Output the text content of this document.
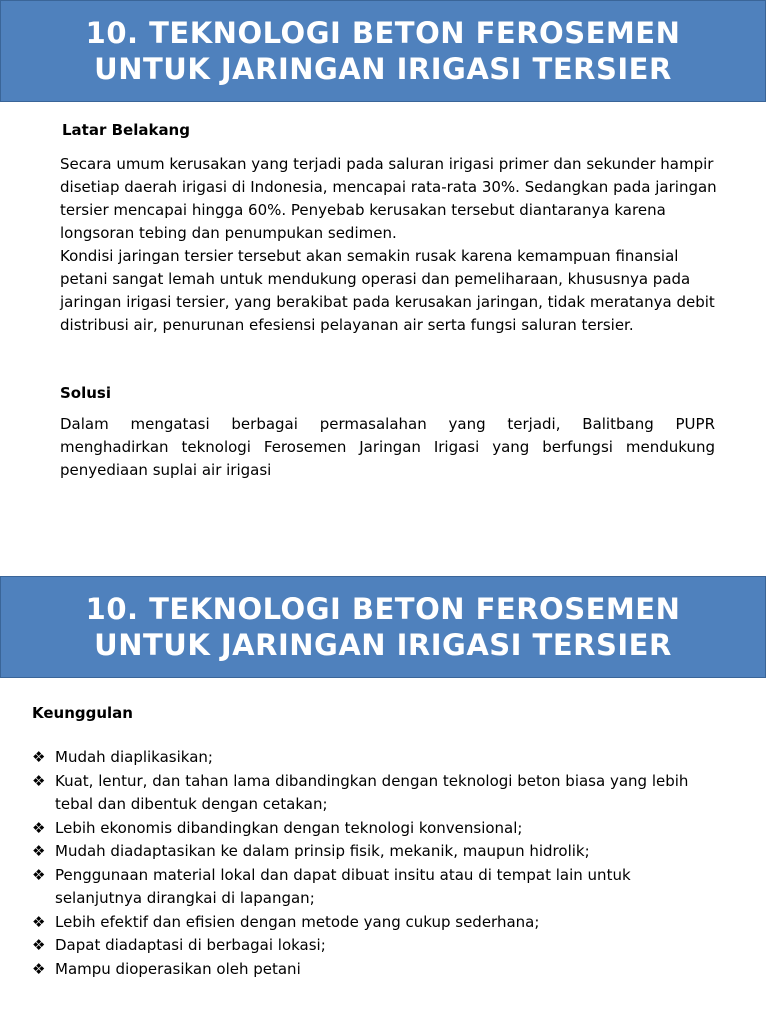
10. TEKNOLOGI BETON FEROSEMEN
UNTUK JARINGAN IRIGASI TERSIER
Latar Belakang
Secara umum kerusakan yang terjadi pada saluran irigasi primer dan sekunder hampir
disetiap daerah irigasi di Indonesia, mencapai rata-rata 30%. Sedangkan pada jaringan
tersier mencapai hingga 60%. Penyebab kerusakan tersebut diantaranya karena
longsoran tebing dan penumpukan sedimen.
Kondisi jaringan tersier tersebut akan semakin rusak karena kemampuan finansial
petani sangat lemah untuk mendukung operasi dan pemeliharaan, khususnya pada
jaringan irigasi tersier, yang berakibat pada kerusakan jaringan, tidak meratanya debit
distribusi air, penurunan efesiensi pelayanan air serta fungsi saluran tersier.
Solusi
Dalam mengatasi berbagai permasalahan yang terjadi, Balitbang PUPR
menghadirkan teknologi Ferosemen Jaringan Irigasi yang berfungsi mendukung
penyediaan suplai air irigasi
10. TEKNOLOGI BETON FEROSEMEN
UNTUK JARINGAN IRIGASI TERSIER
Keunggulan
❖ Mudah diaplikasikan;
❖ Kuat, lentur, dan tahan lama dibandingkan dengan teknologi beton biasa yang lebih
tebal dan dibentuk dengan cetakan;
❖ Lebih ekonomis dibandingkan dengan teknologi konvensional;
❖ Mudah diadaptasikan ke dalam prinsip fisik, mekanik, maupun hidrolik;
❖ Penggunaan material lokal dan dapat dibuat insitu atau di tempat lain untuk
selanjutnya dirangkai di lapangan;
❖ Lebih efektif dan efisien dengan metode yang cukup sederhana;
❖ Dapat diadaptasi di berbagai lokasi;
❖ Mampu dioperasikan oleh petani
